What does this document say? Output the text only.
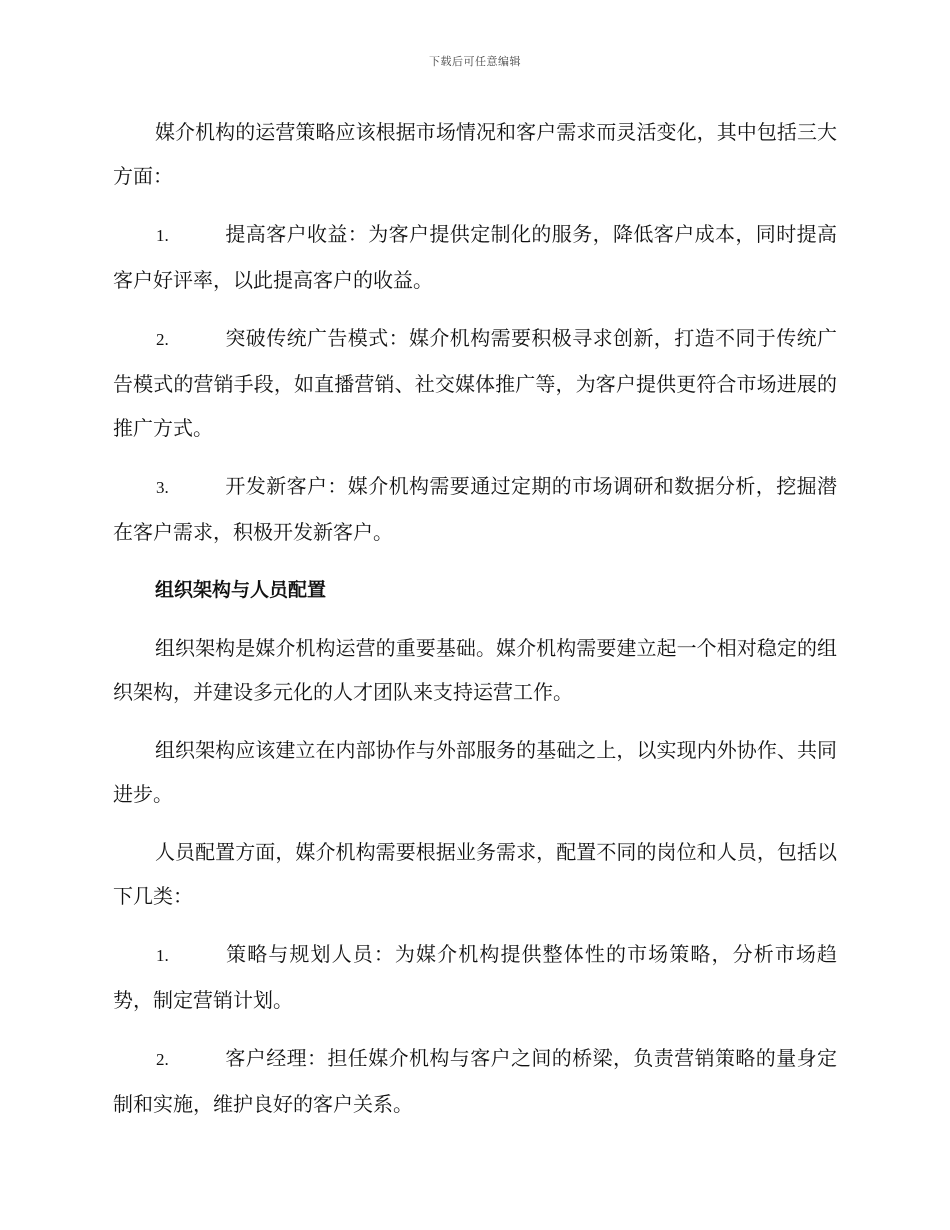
下载后可任意编辑

媒介机构的运营策略应该根据市场情况和客户需求而灵活变化，其中包括三大方面：

1.	提高客户收益：为客户提供定制化的服务，降低客户成本，同时提高客户好评率，以此提高客户的收益。

2.	突破传统广告模式：媒介机构需要积极寻求创新，打造不同于传统广告模式的营销手段，如直播营销、社交媒体推广等，为客户提供更符合市场进展的推广方式。

3.	开发新客户：媒介机构需要通过定期的市场调研和数据分析，挖掘潜在客户需求，积极开发新客户。

组织架构与人员配置

组织架构是媒介机构运营的重要基础。媒介机构需要建立起一个相对稳定的组织架构，并建设多元化的人才团队来支持运营工作。

组织架构应该建立在内部协作与外部服务的基础之上，以实现内外协作、共同进步。

人员配置方面，媒介机构需要根据业务需求，配置不同的岗位和人员，包括以下几类：

1.	策略与规划人员：为媒介机构提供整体性的市场策略，分析市场趋势，制定营销计划。

2.	客户经理：担任媒介机构与客户之间的桥梁，负责营销策略的量身定制和实施，维护良好的客户关系。
